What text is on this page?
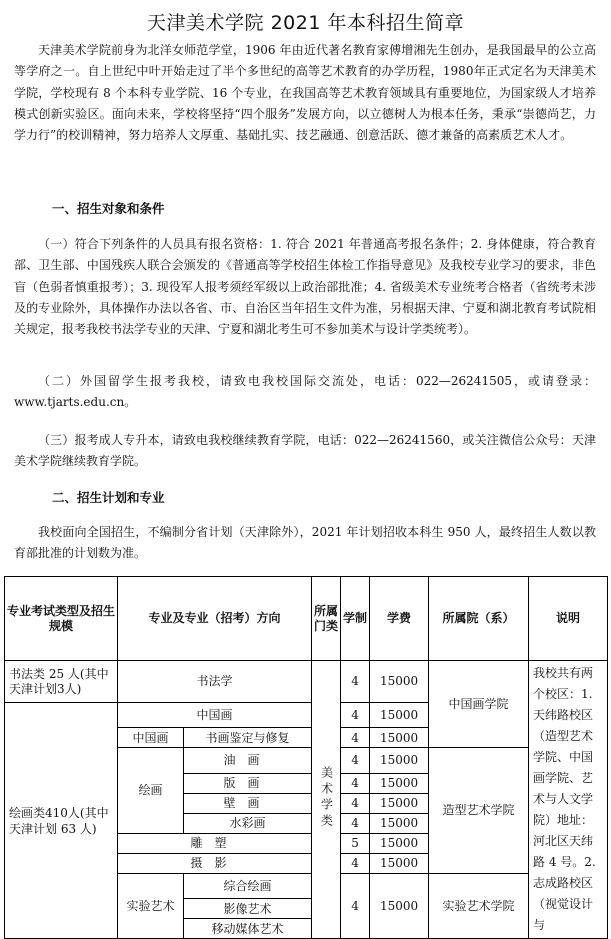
天津美术学院 2021 年本科招生简章

天津美术学院前身为北洋女师范学堂，1906 年由近代著名教育家傅增湘先生创办，是我国最早的公立高等学府之一。自上世纪中叶开始走过了半个多世纪的高等艺术教育的办学历程，1980年正式定名为天津美术学院，学校现有 8 个本科专业学院、16 个专业，在我国高等艺术教育领域具有重要地位，为国家级人才培养模式创新实验区。面向未来，学校将坚持“四个服务”发展方向，以立德树人为根本任务，秉承“崇德尚艺，力学力行”的校训精神，努力培养人文厚重、基础扎实、技艺融通、创意活跃、德才兼备的高素质艺术人才。

一、招生对象和条件

（一）符合下列条件的人员具有报名资格：1. 符合 2021 年普通高考报名条件；2. 身体健康，符合教育部、卫生部、中国残疾人联合会颁发的《普通高等学校招生体检工作指导意见》及我校专业学习的要求，非色盲（色弱者慎重报考）；3. 现役军人报考须经军级以上政治部批准；4. 省级美术专业统考合格者（省统考未涉及的专业除外，具体操作办法以各省、市、自治区当年招生文件为准，另根据天津、宁夏和湖北教育考试院相关规定，报考我校书法学专业的天津、宁夏和湖北考生可不参加美术与设计学类统考）。

（二）外国留学生报考我校，请致电我校国际交流处，电话：022—26241505，或请登录：www.tjarts.edu.cn。

（三）报考成人专升本，请致电我校继续教育学院，电话：022—26241560，或关注微信公众号：天津美术学院继续教育学院。

二、招生计划和专业

我校面向全国招生，不编制分省计划（天津除外），2021 年计划招收本科生 950 人，最终招生人数以教育部批准的计划数为准。

专业考试类型及招生规模	专业及专业（招考）方向		所属门类	学制	学费	所属院（系）	说明
书法类 25 人(其中天津计划3人)	书法学		美术学类	4	15000	中国画学院	我校共有两个校区：1.天纬路校区（造型艺术学院、中国画学院、艺术与人文学院）地址：河北区天纬路 4 号。2.志成路校区（视觉设计与
绘画类410人(其中天津计划 63 人)	中国画			4	15000		
	中国画	书画鉴定与修复		4	15000		
	绘画	油画		4	15000	造型艺术学院	
		版画		4	15000		
		壁画		4	15000		
		水彩画		4	15000		
	雕塑			5	15000		
	摄影			4	15000		
	实验艺术	综合绘画		4	15000	实验艺术学院	
		影像艺术					
		移动媒体艺术					
